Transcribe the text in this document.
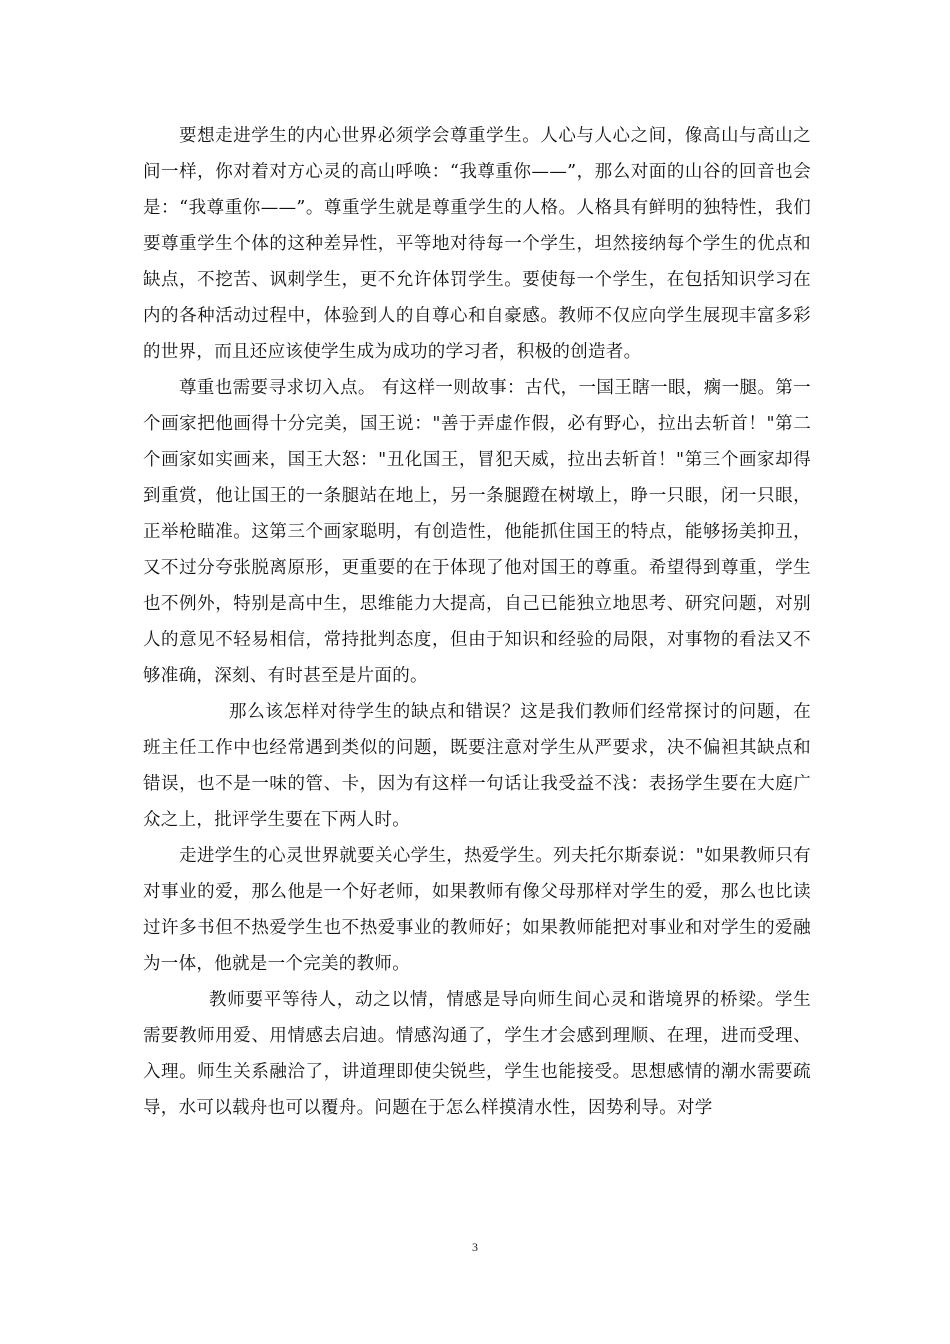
要想走进学生的内心世界必须学会尊重学生。人心与人心之间，像高山与高山之间一样，你对着对方心灵的高山呼唤：“我尊重你——”，那么对面的山谷的回音也会是：“我尊重你——”。尊重学生就是尊重学生的人格。人格具有鲜明的独特性，我们要尊重学生个体的这种差异性，平等地对待每一个学生，坦然接纳每个学生的优点和缺点，不挖苦、讽刺学生，更不允许体罚学生。要使每一个学生，在包括知识学习在内的各种活动过程中，体验到人的自尊心和自豪感。教师不仅应向学生展现丰富多彩的世界，而且还应该使学生成为成功的学习者，积极的创造者。

尊重也需要寻求切入点。 有这样一则故事：古代，一国王瞎一眼，瘸一腿。第一个画家把他画得十分完美，国王说："善于弄虚作假，必有野心，拉出去斩首！"第二个画家如实画来，国王大怒："丑化国王，冒犯天威，拉出去斩首！"第三个画家却得到重赏，他让国王的一条腿站在地上，另一条腿蹬在树墩上，睁一只眼，闭一只眼，正举枪瞄准。这第三个画家聪明，有创造性，他能抓住国王的特点，能够扬美抑丑，又不过分夸张脱离原形，更重要的在于体现了他对国王的尊重。希望得到尊重，学生也不例外，特别是高中生，思维能力大提高，自己已能独立地思考、研究问题，对别人的意见不轻易相信，常持批判态度，但由于知识和经验的局限，对事物的看法又不够准确，深刻、有时甚至是片面的。

那么该怎样对待学生的缺点和错误？这是我们教师们经常探讨的问题，在班主任工作中也经常遇到类似的问题，既要注意对学生从严要求，决不偏袒其缺点和错误，也不是一味的管、卡，因为有这样一句话让我受益不浅：表扬学生要在大庭广众之上，批评学生要在下两人时。

走进学生的心灵世界就要关心学生，热爱学生。列夫托尔斯泰说："如果教师只有对事业的爱，那么他是一个好老师，如果教师有像父母那样对学生的爱，那么也比读过许多书但不热爱学生也不热爱事业的教师好；如果教师能把对事业和对学生的爱融为一体，他就是一个完美的教师。

教师要平等待人，动之以情，情感是导向师生间心灵和谐境界的桥梁。学生需要教师用爱、用情感去启迪。情感沟通了，学生才会感到理顺、在理，进而受理、入理。师生关系融洽了，讲道理即使尖锐些，学生也能接受。思想感情的潮水需要疏导，水可以载舟也可以覆舟。问题在于怎么样摸清水性，因势利导。对学

3
